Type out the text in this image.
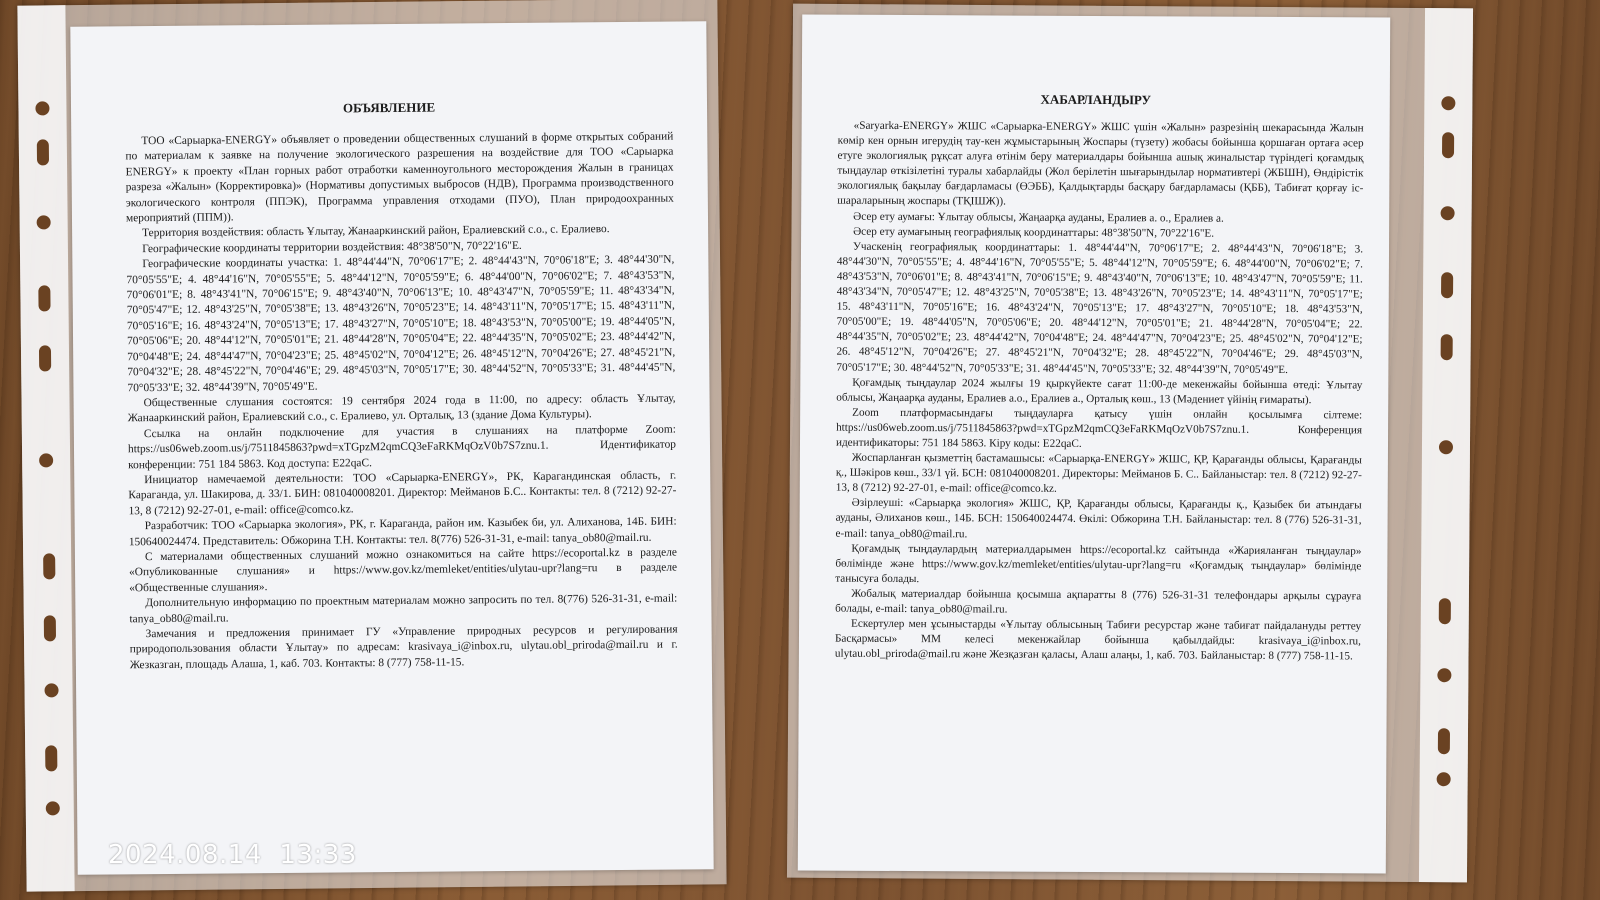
ОБЪЯВЛЕНИЕ

ТОО «Сарыарка-ENERGY» объявляет о проведении общественных слушаний в форме открытых собраний по материалам к заявке на получение экологического разрешения на воздействие для ТОО «Сарыарка ENERGY» к проекту «План горных работ отработки каменноугольного месторождения Жалын в границах разреза «Жалын» (Корректировка)» (Нормативы допустимых выбросов (НДВ), Программа производственного экологического контроля (ППЭК), Программа управления отходами (ПУО), План природоохранных мероприятий (ППМ)).

Территория воздействия: область Ұлытау, Жанааркинский район, Ералиевский с.о., с. Ералиево.

Географические координаты территории воздействия: 48°38'50"N, 70°22'16"E.

Географические координаты участка: 1. 48°44'44"N, 70°06'17"E; 2. 48°44'43"N, 70°06'18"E; 3. 48°44'30"N, 70°05'55"E; 4. 48°44'16"N, 70°05'55"E; 5. 48°44'12"N, 70°05'59"E; 6. 48°44'00"N, 70°06'02"E; 7. 48°43'53"N, 70°06'01"E; 8. 48°43'41"N, 70°06'15"E; 9. 48°43'40"N, 70°06'13"E; 10. 48°43'47"N, 70°05'59"E; 11. 48°43'34"N, 70°05'47"E; 12. 48°43'25"N, 70°05'38"E; 13. 48°43'26"N, 70°05'23"E; 14. 48°43'11"N, 70°05'17"E; 15. 48°43'11"N, 70°05'16"E; 16. 48°43'24"N, 70°05'13"E; 17. 48°43'27"N, 70°05'10"E; 18. 48°43'53"N, 70°05'00"E; 19. 48°44'05"N, 70°05'06"E; 20. 48°44'12"N, 70°05'01"E; 21. 48°44'28"N, 70°05'04"E; 22. 48°44'35"N, 70°05'02"E; 23. 48°44'42"N, 70°04'48"E; 24. 48°44'47"N, 70°04'23"E; 25. 48°45'02"N, 70°04'12"E; 26. 48°45'12"N, 70°04'26"E; 27. 48°45'21"N, 70°04'32"E; 28. 48°45'22"N, 70°04'46"E; 29. 48°45'03"N, 70°05'17"E; 30. 48°44'52"N, 70°05'33"E; 31. 48°44'45"N, 70°05'33"E; 32. 48°44'39"N, 70°05'49"E.

Общественные слушания состоятся: 19 сентября 2024 года в 11:00, по адресу: область Ұлытау, Жанааркинский район, Ералиевский с.о., с. Ералиево, ул. Орталық, 13 (здание Дома Культуры).

Ссылка на онлайн подключение для участия в слушаниях на платформе Zoom: https://us06web.zoom.us/j/7511845863?pwd=xTGpzM2qmCQ3eFaRKMqOzV0b7S7znu.1. Идентификатор конференции: 751 184 5863. Код доступа: E22qaC.

Инициатор намечаемой деятельности: ТОО «Сарыарка-ENERGY», РК, Карагандинская область, г. Караганда, ул. Шакирова, д. 33/1. БИН: 081040008201. Директор: Мейманов Б.С.. Контакты: тел. 8 (7212) 92-27-13, 8 (7212) 92-27-01, e-mail: office@comco.kz.

Разработчик: ТОО «Сарыарка экология», РК, г. Караганда, район им. Казыбек би, ул. Алиханова, 14Б. БИН: 150640024474. Представитель: Обжорина Т.Н. Контакты: тел. 8(776) 526-31-31, e-mail: tanya_ob80@mail.ru.

С материалами общественных слушаний можно ознакомиться на сайте https://ecoportal.kz в разделе «Опубликованные слушания» и https://www.gov.kz/memleket/entities/ulytau-upr?lang=ru в разделе «Общественные слушания».

Дополнительную информацию по проектным материалам можно запросить по тел. 8(776) 526-31-31, e-mail: tanya_ob80@mail.ru.

Замечания и предложения принимает ГУ «Управление природных ресурсов и регулирования природопользования области Ұлытау» по адресам: krasivaya_i@inbox.ru, ulytau.obl_priroda@mail.ru и г. Жезказган, площадь Алаша, 1, каб. 703. Контакты: 8 (777) 758-11-15.

ХАБАРЛАНДЫРУ

«Saryarka-ENERGY» ЖШС «Сарыарка-ENERGY» ЖШС үшін «Жалын» разрезінің шекарасында Жалын көмір кен орнын игерудің тау-кен жұмыстарының Жоспары (түзету) жобасы бойынша қоршаған ортаға әсер етуге экологиялық рұқсат алуға өтінім беру материалдары бойынша ашық жиналыстар түріндегі қоғамдық тыңдаулар өткізілетіні туралы хабарлайды (Жол берілетін шығарындылар нормативтері (ЖБШН), Өндірістік экологиялық бақылау бағдарламасы (ӨЭББ), Қалдықтарды басқару бағдарламасы (ҚББ), Табиғат қорғау іс-шараларының жоспары (ТҚІШЖ)).

Әсер ету аумағы: Ұлытау облысы, Жаңаарқа ауданы, Ералиев а. о., Ералиев а.

Әсер ету аумағының географиялық координаттары: 48°38'50"N, 70°22'16"E.

Учаскенің географиялық координаттары: 1. 48°44'44"N, 70°06'17"E; 2. 48°44'43"N, 70°06'18"E; 3. 48°44'30"N, 70°05'55"E; 4. 48°44'16"N, 70°05'55"E; 5. 48°44'12"N, 70°05'59"E; 6. 48°44'00"N, 70°06'02"E; 7. 48°43'53"N, 70°06'01"E; 8. 48°43'41"N, 70°06'15"E; 9. 48°43'40"N, 70°06'13"E; 10. 48°43'47"N, 70°05'59"E; 11. 48°43'34"N, 70°05'47"E; 12. 48°43'25"N, 70°05'38"E; 13. 48°43'26"N, 70°05'23"E; 14. 48°43'11"N, 70°05'17"E; 15. 48°43'11"N, 70°05'16"E; 16. 48°43'24"N, 70°05'13"E; 17. 48°43'27"N, 70°05'10"E; 18. 48°43'53"N, 70°05'00"E; 19. 48°44'05"N, 70°05'06"E; 20. 48°44'12"N, 70°05'01"E; 21. 48°44'28"N, 70°05'04"E; 22. 48°44'35"N, 70°05'02"E; 23. 48°44'42"N, 70°04'48"E; 24. 48°44'47"N, 70°04'23"E; 25. 48°45'02"N, 70°04'12"E; 26. 48°45'12"N, 70°04'26"E; 27. 48°45'21"N, 70°04'32"E; 28. 48°45'22"N, 70°04'46"E; 29. 48°45'03"N, 70°05'17"E; 30. 48°44'52"N, 70°05'33"E; 31. 48°44'45"N, 70°05'33"E; 32. 48°44'39"N, 70°05'49"E.

Қоғамдық тыңдаулар 2024 жылғы 19 қыркүйекте сағат 11:00-де мекенжайы бойынша өтеді: Ұлытау облысы, Жаңаарқа ауданы, Ералиев а.о., Ералиев а., Орталық көш., 13 (Мәдениет үйінің ғимараты).

Zoom платформасындағы тыңдауларға қатысу үшін онлайн қосылымға сілтеме: https://us06web.zoom.us/j/7511845863?pwd=xTGpzM2qmCQ3eFaRKMqOzV0b7S7znu.1. Конференция идентификаторы: 751 184 5863. Кіру коды: E22qaC.

Жоспарланған қызметтің бастамашысы: «Сарыарқа-ENERGY» ЖШС, ҚР, Қарағанды облысы, Қарағанды қ., Шәкіров көш., 33/1 үй. БСН: 081040008201. Директоры: Мейманов Б. С.. Байланыстар: тел. 8 (7212) 92-27-13, 8 (7212) 92-27-01, e-mail: office@comco.kz.

Әзірлеуші: «Сарыарқа экология» ЖШС, ҚР, Қарағанды облысы, Қарағанды қ., Қазыбек би атындағы ауданы, Әлиханов көш., 14Б. БСН: 150640024474. Өкілі: Обжорина Т.Н. Байланыстар: тел. 8 (776) 526-31-31, e-mail: tanya_ob80@mail.ru.

Қоғамдық тыңдаулардың материалдарымен https://ecoportal.kz сайтында «Жарияланған тыңдаулар» бөлімінде және https://www.gov.kz/memleket/entities/ulytau-upr?lang=ru «Қоғамдық тыңдаулар» бөлімінде танысуға болады.

Жобалық материалдар бойынша қосымша ақпаратты 8 (776) 526-31-31 телефондары арқылы сұрауға болады, e-mail: tanya_ob80@mail.ru.

Ескертулер мен ұсыныстарды «Ұлытау облысының Табиғи ресурстар және табиғат пайдалануды реттеу Басқармасы» ММ келесі мекенжайлар бойынша қабылдайды: krasivaya_i@inbox.ru, ulytau.obl_priroda@mail.ru және Жезқазған қаласы, Алаш алаңы, 1, каб. 703. Байланыстар: 8 (777) 758-11-15.

2024.08.14  13:33
